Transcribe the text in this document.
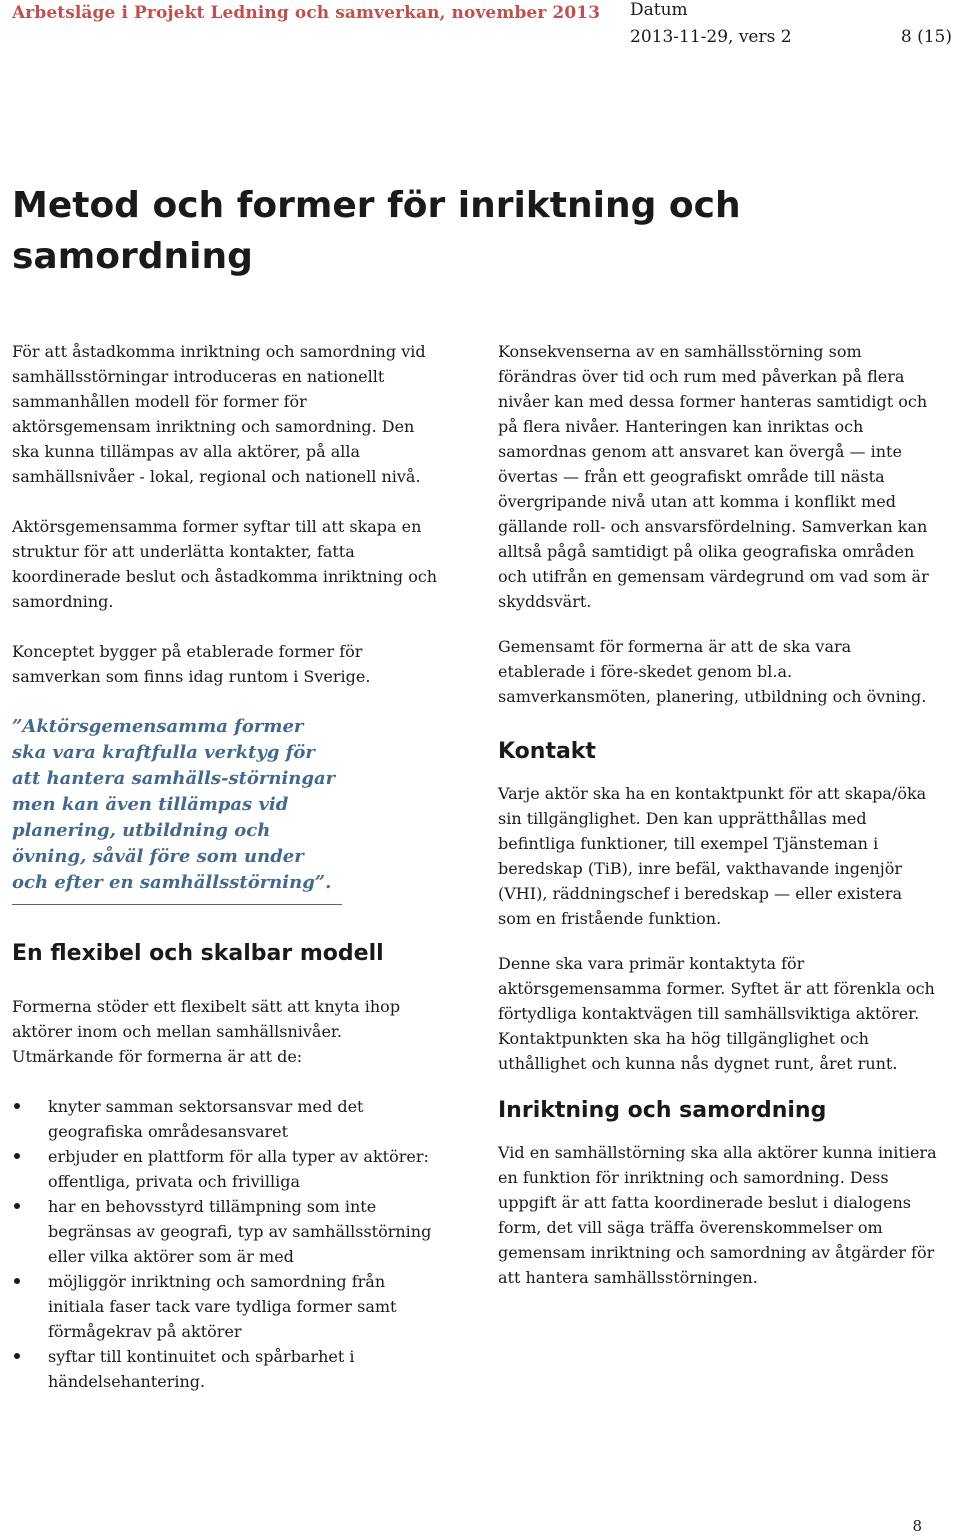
Arbetsläge i Projekt Ledning och samverkan, november 2013 Datum
2013-11-29, vers 2	8 (15)
Metod och former för inriktning och samordning

För att åstadkomma inriktning och samordning vid samhällsstörningar introduceras en nationellt sammanhållen modell för former för aktörsgemensam inriktning och samordning. Den ska kunna tillämpas av alla aktörer, på alla samhällsnivåer - lokal, regional och nationell nivå.

Aktörsgemensamma former syftar till att skapa en struktur för att underlätta kontakter, fatta koordinerade beslut och åstadkomma inriktning och samordning.

Konceptet bygger på etablerade former för samverkan som finns idag runtom i Sverige.

”Aktörsgemensamma former ska vara kraftfulla verktyg för att hantera samhälls-störningar men kan även tillämpas vid planering, utbildning och övning, såväl före som under och efter en samhällsstörning”.

En flexibel och skalbar modell

Formerna stöder ett flexibelt sätt att knyta ihop aktörer inom och mellan samhällsnivåer. Utmärkande för formerna är att de:

knyter samman sektorsansvar med det geografiska områdesansvaret
erbjuder en plattform för alla typer av aktörer: offentliga, privata och frivilliga
har en behovsstyrd tillämpning som inte begränsas av geografi, typ av samhällsstörning eller vilka aktörer som är med
möjliggör inriktning och samordning från initiala faser tack vare tydliga former samt förmågekrav på aktörer
syftar till kontinuitet och spårbarhet i händelsehantering.

Konsekvenserna av en samhällsstörning som förändras över tid och rum med påverkan på flera nivåer kan med dessa former hanteras samtidigt och på flera nivåer. Hanteringen kan inriktas och samordnas genom att ansvaret kan övergå — inte övertas — från ett geografiskt område till nästa övergripande nivå utan att komma i konflikt med gällande roll- och ansvarsfördelning. Samverkan kan alltså pågå samtidigt på olika geografiska områden och utifrån en gemensam värdegrund om vad som är skyddsvärt.

Gemensamt för formerna är att de ska vara etablerade i före-skedet genom bl.a. samverkansmöten, planering, utbildning och övning.

Kontakt

Varje aktör ska ha en kontaktpunkt för att skapa/öka sin tillgänglighet. Den kan upprätthållas med befintliga funktioner, till exempel Tjänsteman i beredskap (TiB), inre befäl, vakthavande ingenjör (VHI), räddningschef i beredskap — eller existera som en fristående funktion.

Denne ska vara primär kontaktyta för aktörsgemensamma former. Syftet är att förenkla och förtydliga kontaktvägen till samhällsviktiga aktörer. Kontaktpunkten ska ha hög tillgänglighet och uthållighet och kunna nås dygnet runt, året runt.

Inriktning och samordning

Vid en samhällstörning ska alla aktörer kunna initiera en funktion för inriktning och samordning. Dess uppgift är att fatta koordinerade beslut i dialogens form, det vill säga träffa överenskommelser om gemensam inriktning och samordning av åtgärder för att hantera samhällsstörningen.

8
